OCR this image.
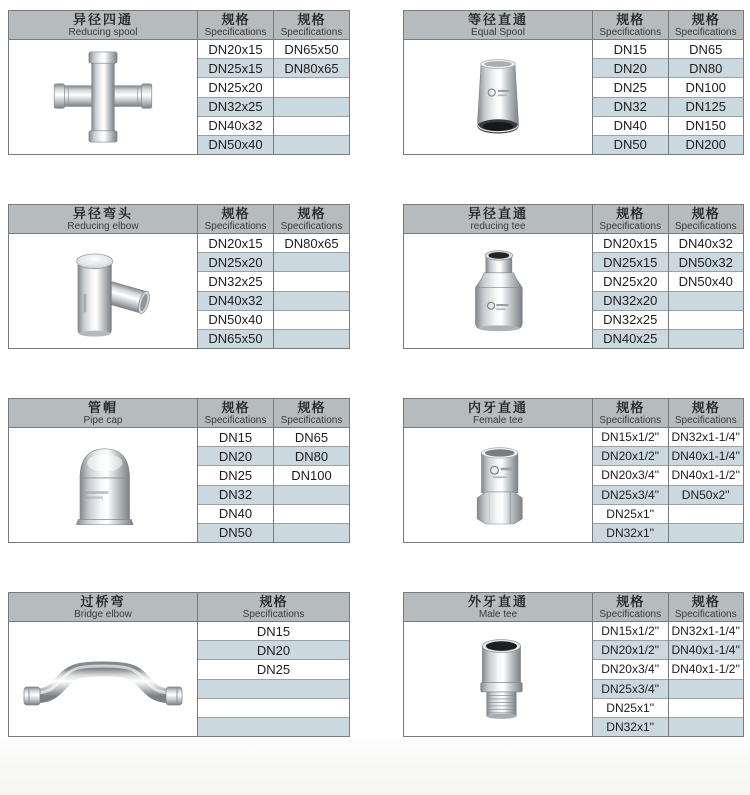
异径四通
Reducing spool
规格
Specifications
DN20x15
DN25x15
DN25x20
DN32x25
DN40x32
DN50x40
规格
Specifications
DN65x50
DN80x65
等径直通
Equal Spool
规格
Specifications
DN15
DN20
DN25
DN32
DN40
DN50
规格
Specifications
DN65
DN80
DN100
DN125
DN150
DN200
异径弯头
Reducing elbow
规格
Specifications
DN20x15
DN25x20
DN32x25
DN40x32
DN50x40
DN65x50
规格
Specifications
DN80x65
异径直通
reducing tee
规格
Specifications
DN20x15
DN25x15
DN25x20
DN32x20
DN32x25
DN40x25
规格
Specifications
DN40x32
DN50x32
DN50x40
管帽
Pipe cap
规格
Specifications
DN15
DN20
DN25
DN32
DN40
DN50
规格
Specifications
DN65
DN80
DN100
内牙直通
Female tee
规格
Specifications
DN15x1/2''
DN20x1/2''
DN20x3/4''
DN25x3/4''
DN25x1''
DN32x1''
规格
Specifications
DN32x1-1/4''
DN40x1-1/4''
DN40x1-1/2''
DN50x2''
过桥弯
Bridge elbow
规格
Specifications
DN15
DN20
DN25
外牙直通
Male tee
规格
Specifications
DN15x1/2''
DN20x1/2''
DN20x3/4''
DN25x3/4''
DN25x1''
DN32x1''
规格
Specifications
DN32x1-1/4''
DN40x1-1/4''
DN40x1-1/2''
